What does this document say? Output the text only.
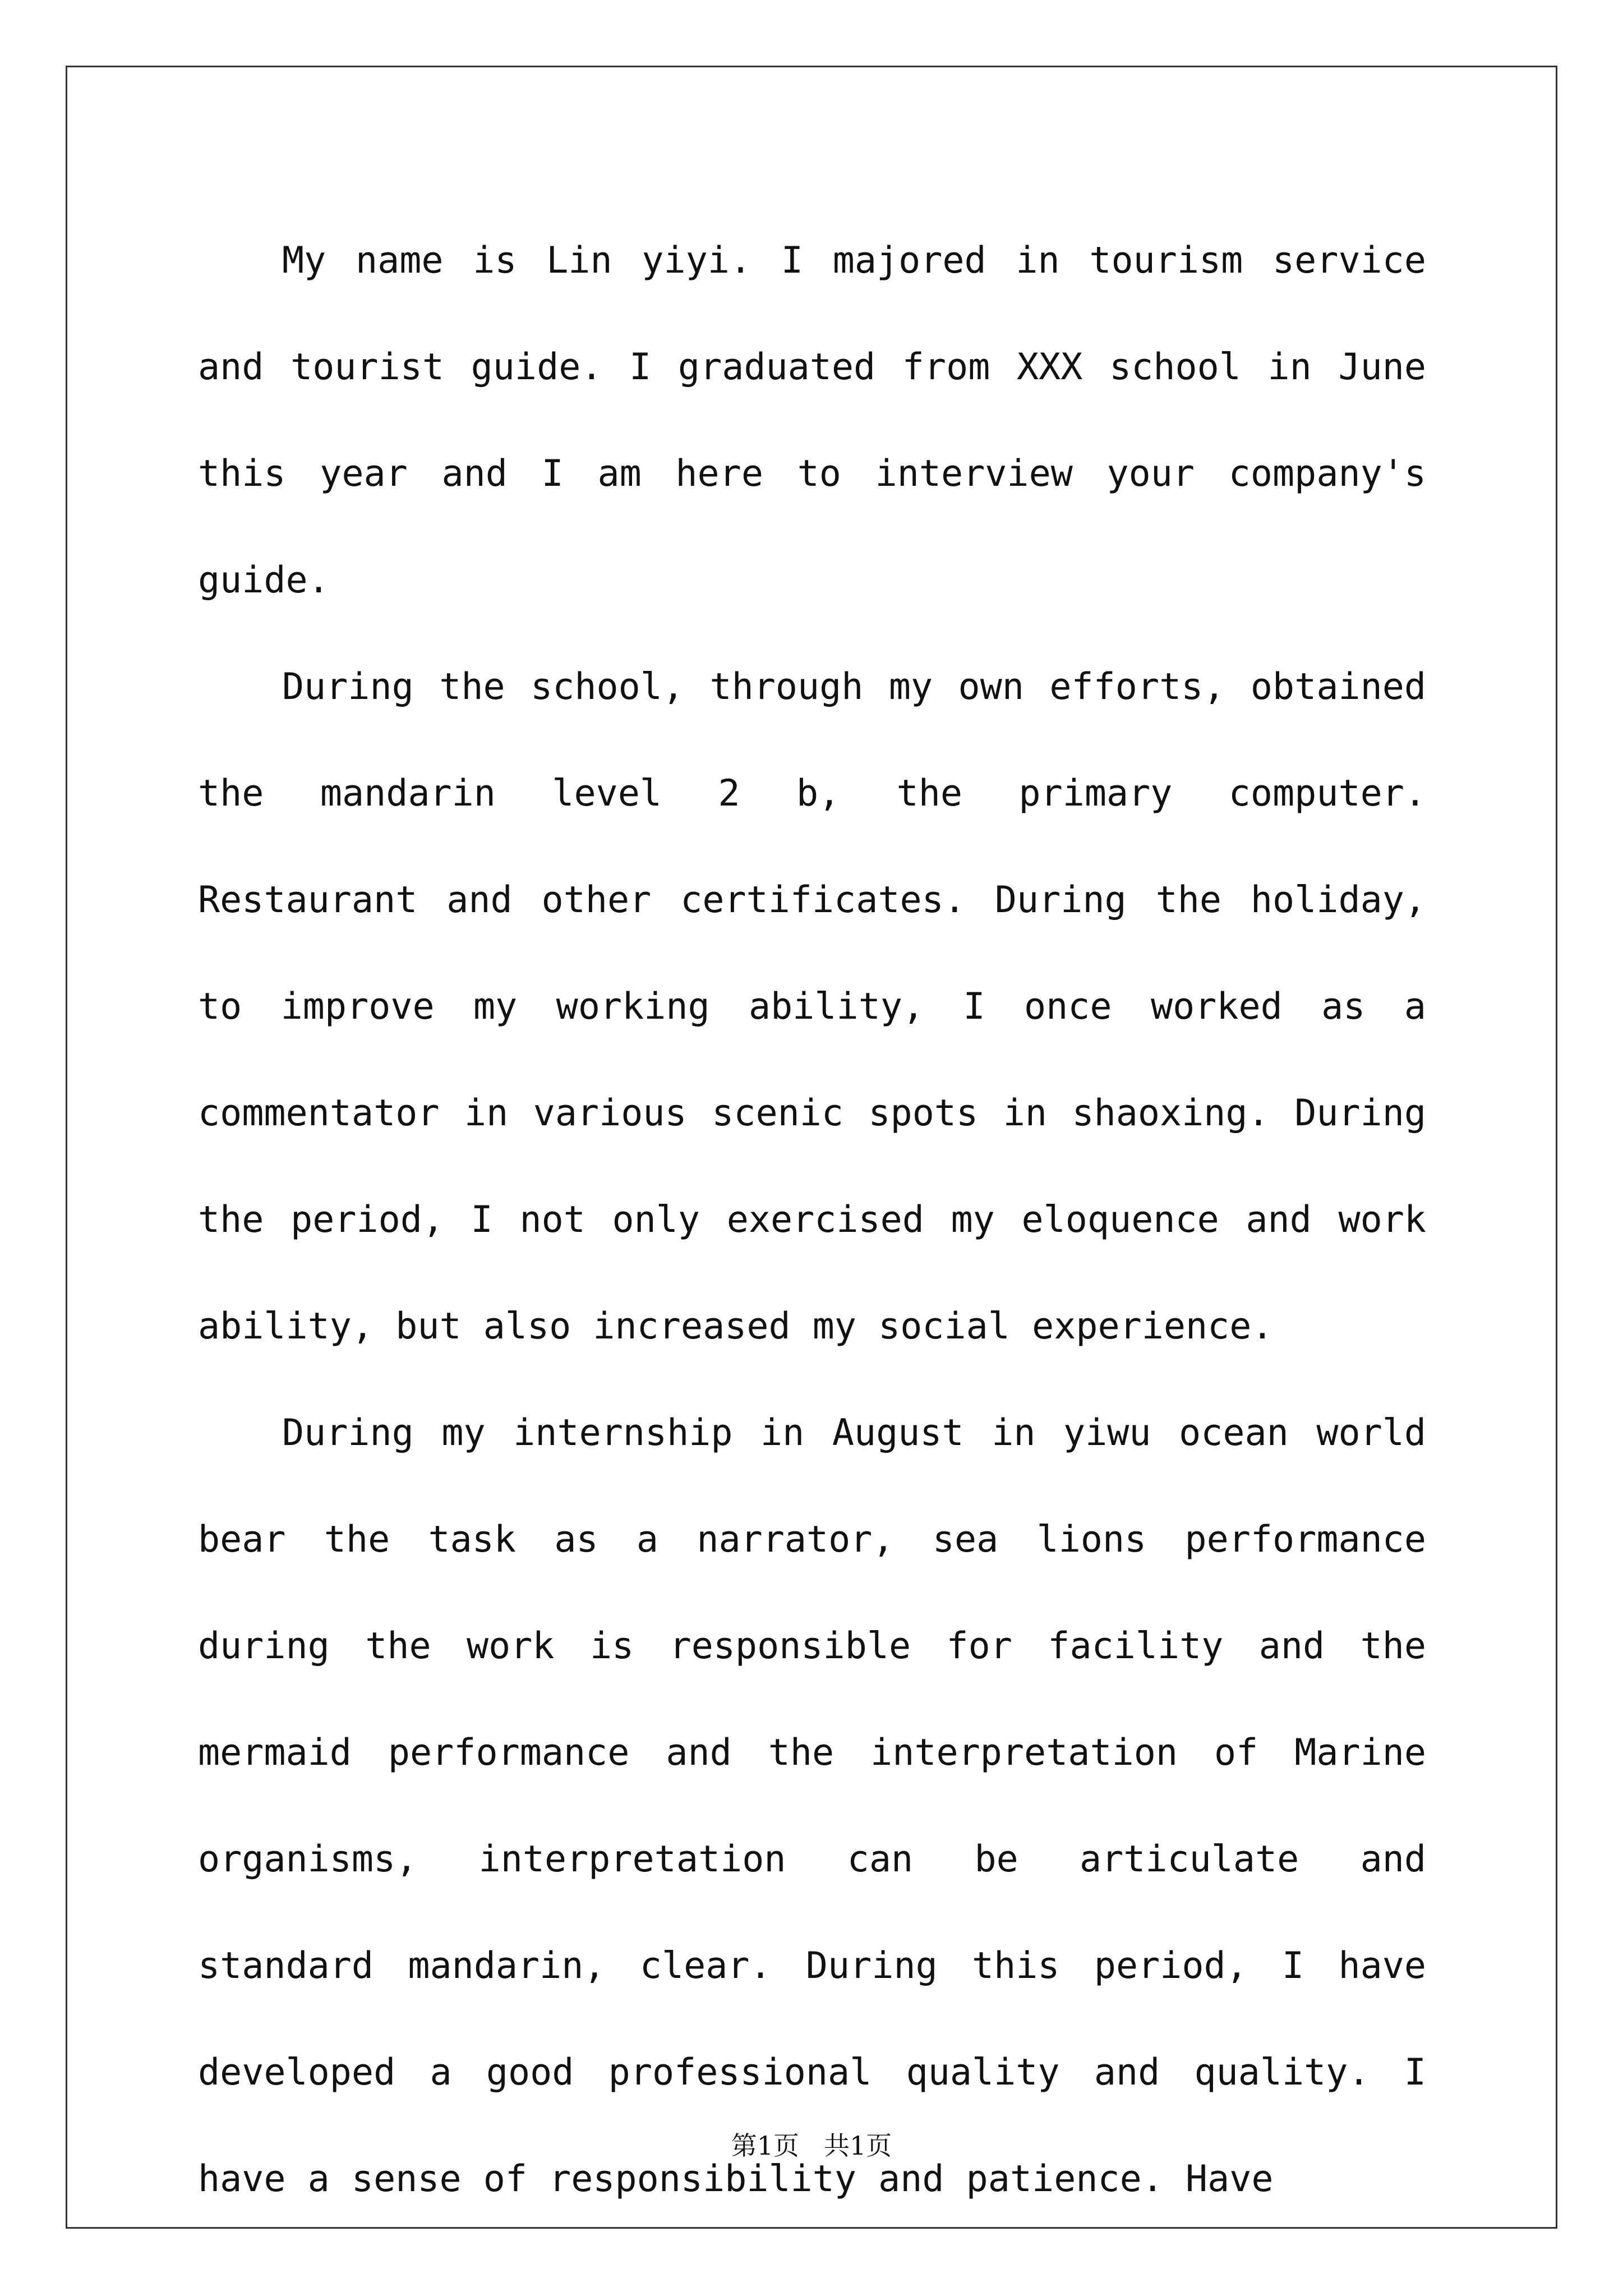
My name is Lin yiyi. I majored in tourism service and tourist guide. I graduated from XXX school in June this year and I am here to interview your company's guide.

During the school, through my own efforts, obtained the mandarin level 2 b, the primary computer. Restaurant and other certificates. During the holiday, to improve my working ability, I once worked as a commentator in various scenic spots in shaoxing. During the period, I not only exercised my eloquence and work ability, but also increased my social experience.

During my internship in August in yiwu ocean world bear the task as a narrator, sea lions performance during the work is responsible for facility and the mermaid performance and the interpretation of Marine organisms, interpretation can be articulate and standard mandarin, clear. During this period, I have developed a good professional quality and quality. I have a sense of responsibility and patience. Have

第1页 共1页
